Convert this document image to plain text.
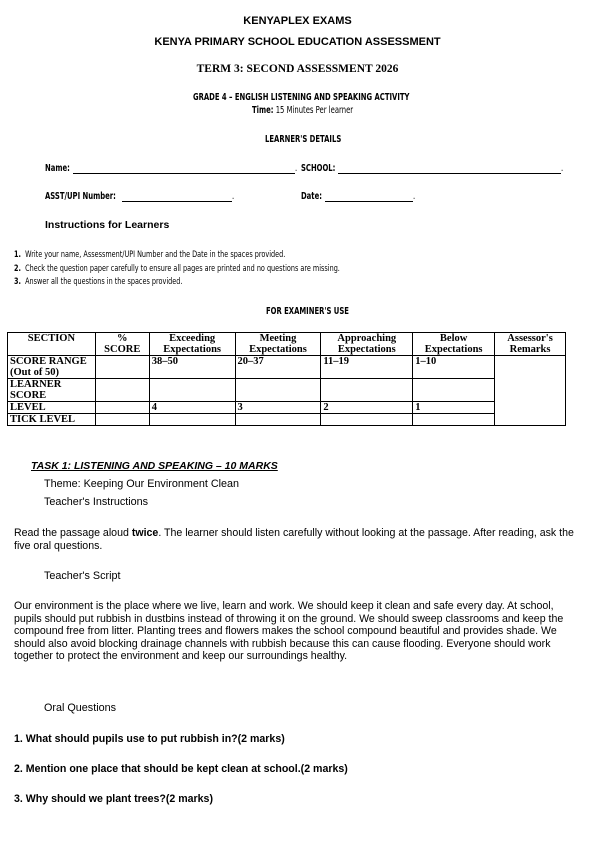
KENYAPLEX EXAMS
KENYA PRIMARY SCHOOL EDUCATION ASSESSMENT
TERM 3: SECOND ASSESSMENT 2026
GRADE 4 – ENGLISH LISTENING AND SPEAKING ACTIVITY
Time: 15 Minutes Per learner
LEARNER'S DETAILS
Name:	. SCHOOL:	.
ASST/UPI Number:	.	Date:	.
Instructions for Learners
1. Write your name, Assessment/UPI Number and the Date in the spaces provided.
2. Check the question paper carefully to ensure all pages are printed and no questions are missing.
3. Answer all the questions in the spaces provided.
FOR EXAMINER'S USE
SECTION	% SCORE	Exceeding Expectations	Meeting Expectations	Approaching Expectations	Below Expectations	Assessor's Remarks
SCORE RANGE (Out of 50)		38–50	20–37	11–19	1–10	
LEARNER SCORE						
LEVEL		4	3	2	1	
TICK LEVEL						
TASK 1: LISTENING AND SPEAKING – 10 MARKS
Theme: Keeping Our Environment Clean
Teacher's Instructions
Read the passage aloud twice. The learner should listen carefully without looking at the passage. After reading, ask the five oral questions.
Teacher's Script
Our environment is the place where we live, learn and work. We should keep it clean and safe every day. At school, pupils should put rubbish in dustbins instead of throwing it on the ground. We should sweep classrooms and keep the compound free from litter. Planting trees and flowers makes the school compound beautiful and provides shade. We should also avoid blocking drainage channels with rubbish because this can cause flooding. Everyone should work together to protect the environment and keep our surroundings healthy.
Oral Questions
1. What should pupils use to put rubbish in?(2 marks)
2. Mention one place that should be kept clean at school.(2 marks)
3. Why should we plant trees?(2 marks)
